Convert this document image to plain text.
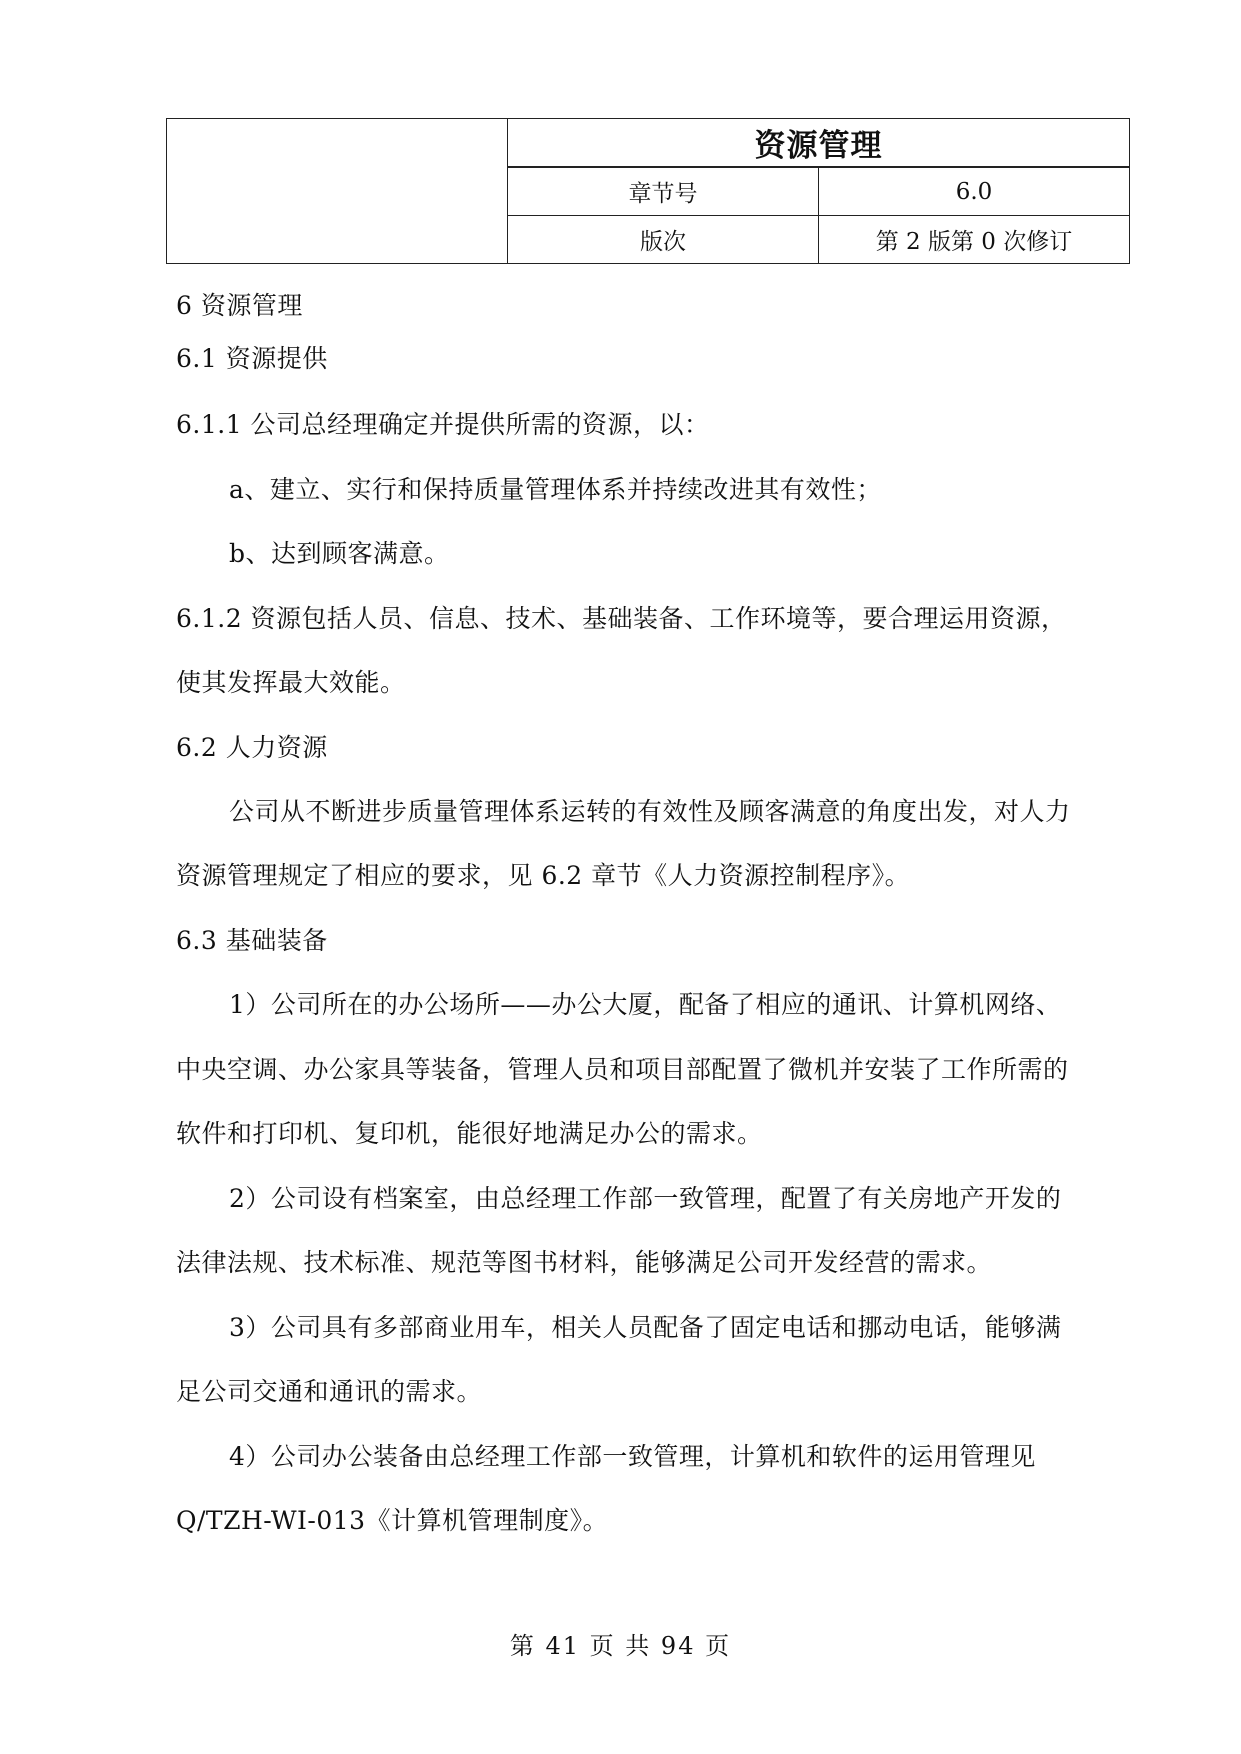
	资源管理	
	章节号	6.0
	版次	第 2 版第 0 次修订
6 资源管理
6.1 资源提供
6.1.1 公司总经理确定并提供所需的资源，以：
a、建立、实行和保持质量管理体系并持续改进其有效性；
b、达到顾客满意。
6.1.2 资源包括人员、信息、技术、基础装备、工作环境等，要合理运用资源，
使其发挥最大效能。
6.2 人力资源
公司从不断进步质量管理体系运转的有效性及顾客满意的角度出发，对人力
资源管理规定了相应的要求，见 6.2 章节《人力资源控制程序》。
6.3 基础装备
1）公司所在的办公场所——办公大厦，配备了相应的通讯、计算机网络、
中央空调、办公家具等装备，管理人员和项目部配置了微机并安装了工作所需的
软件和打印机、复印机，能很好地满足办公的需求。
2）公司设有档案室，由总经理工作部一致管理，配置了有关房地产开发的
法律法规、技术标准、规范等图书材料，能够满足公司开发经营的需求。
3）公司具有多部商业用车，相关人员配备了固定电话和挪动电话，能够满
足公司交通和通讯的需求。
4）公司办公装备由总经理工作部一致管理，计算机和软件的运用管理见
Q/TZH-WI-013《计算机管理制度》。
第 41 页 共 94 页
